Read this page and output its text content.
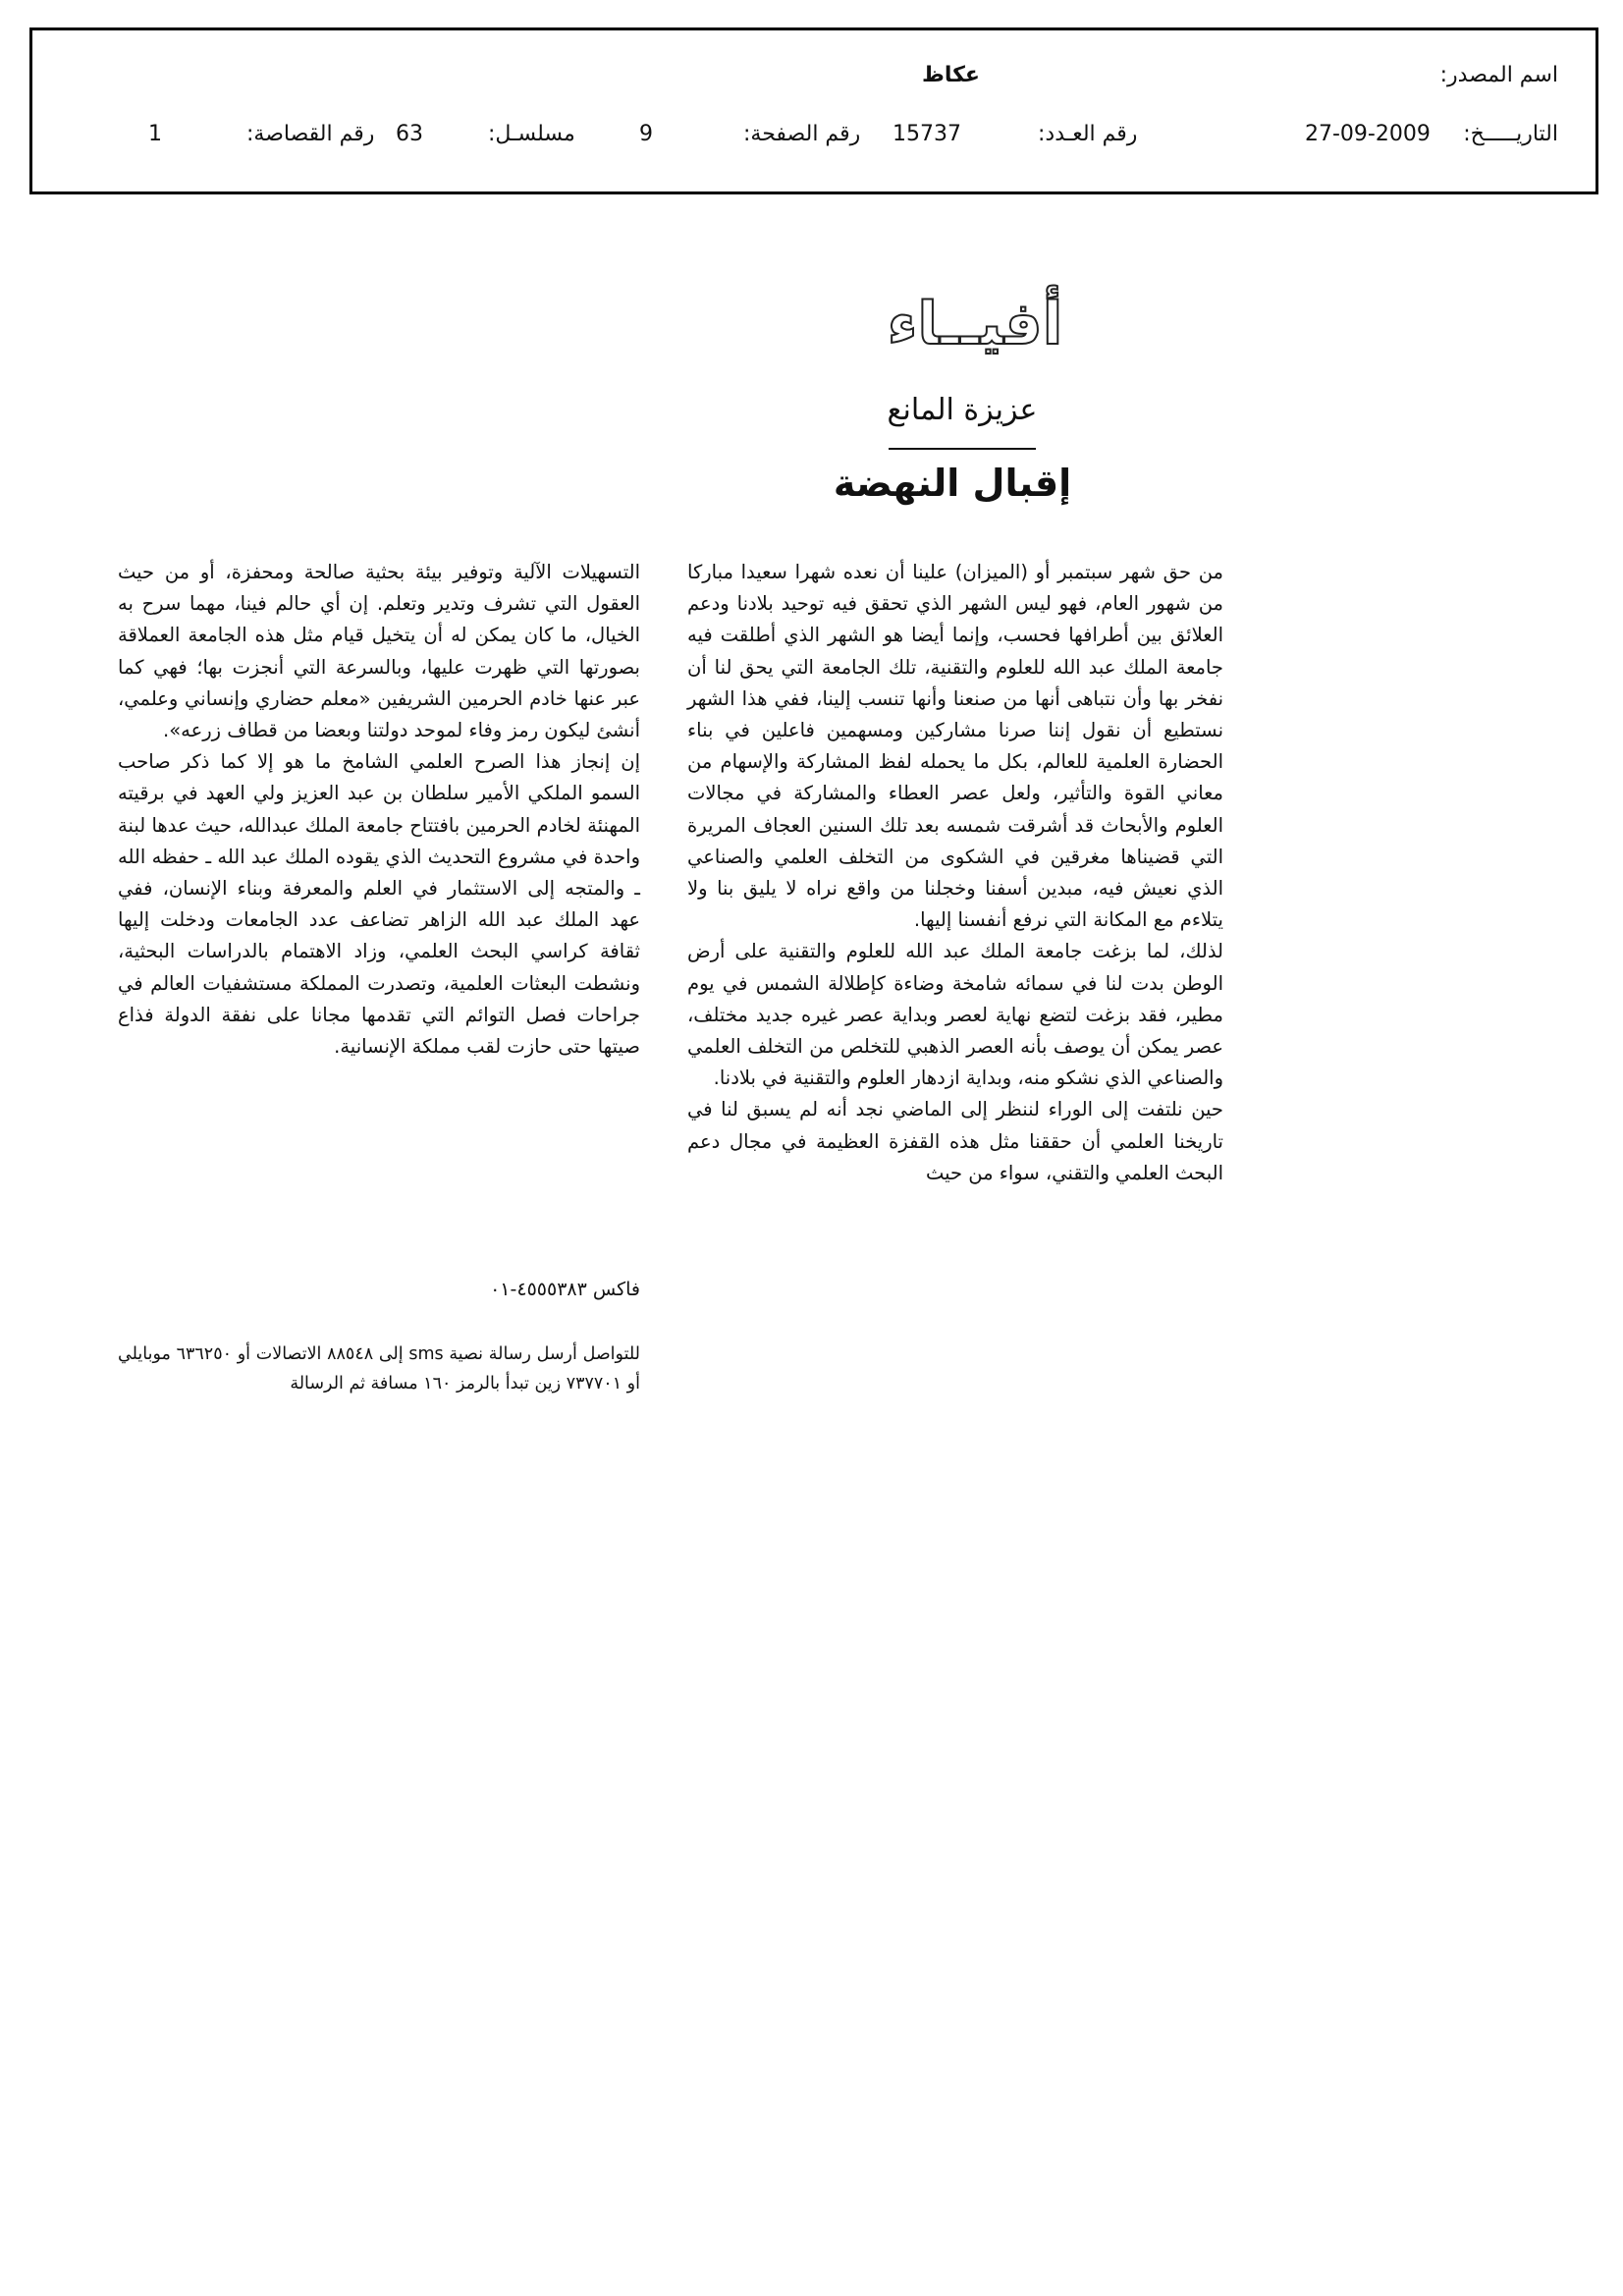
اسم المصدر:
عكاظ
التاريـــــخ:
27-09-2009
رقم العـدد:
15737
رقم الصفحة:
9
مسلسـل:
63
رقم القصاصة:
1
أفيــاء
عزيزة المانع
إقبال النهضة

من حق شهر سبتمبر أو (الميزان) علينا أن نعده شهرا سعيدا مباركا من شهور العام، فهو ليس الشهر الذي تحقق فيه توحيد بلادنا ودعم العلائق بين أطرافها فحسب، وإنما أيضا هو الشهر الذي أطلقت فيه جامعة الملك عبد الله للعلوم والتقنية، تلك الجامعة التي يحق لنا أن نفخر بها وأن نتباهى أنها من صنعنا وأنها تنسب إلينا، ففي هذا الشهر نستطيع أن نقول إننا صرنا مشاركين ومسهمين فاعلين في بناء الحضارة العلمية للعالم، بكل ما يحمله لفظ المشاركة والإسهام من معاني القوة والتأثير، ولعل عصر العطاء والمشاركة في مجالات العلوم والأبحاث قد أشرقت شمسه بعد تلك السنين العجاف المريرة التي قضيناها مغرقين في الشكوى من التخلف العلمي والصناعي الذي نعيش فيه، مبدين أسفنا وخجلنا من واقع نراه لا يليق بنا ولا يتلاءم مع المكانة التي نرفع أنفسنا إليها.

لذلك، لما بزغت جامعة الملك عبد الله للعلوم والتقنية على أرض الوطن بدت لنا في سمائه شامخة وضاءة كإطلالة الشمس في يوم مطير، فقد بزغت لتضع نهاية لعصر وبداية عصر غيره جديد مختلف، عصر يمكن أن يوصف بأنه العصر الذهبي للتخلص من التخلف العلمي والصناعي الذي نشكو منه، وبداية ازدهار العلوم والتقنية في بلادنا.

حين نلتفت إلى الوراء لننظر إلى الماضي نجد أنه لم يسبق لنا في تاريخنا العلمي أن حققنا مثل هذه القفزة العظيمة في مجال دعم البحث العلمي والتقني، سواء من حيث

التسهيلات الآلية وتوفير بيئة بحثية صالحة ومحفزة، أو من حيث العقول التي تشرف وتدير وتعلم. إن أي حالم فينا، مهما سرح به الخيال، ما كان يمكن له أن يتخيل قيام مثل هذه الجامعة العملاقة بصورتها التي ظهرت عليها، وبالسرعة التي أنجزت بها؛ فهي كما عبر عنها خادم الحرمين الشريفين «معلم حضاري وإنساني وعلمي، أنشئ ليكون رمز وفاء لموحد دولتنا وبعضا من قطاف زرعه».

إن إنجاز هذا الصرح العلمي الشامخ ما هو إلا كما ذكر صاحب السمو الملكي الأمير سلطان بن عبد العزيز ولي العهد في برقيته المهنئة لخادم الحرمين بافتتاح جامعة الملك عبدالله، حيث عدها لبنة واحدة في مشروع التحديث الذي يقوده الملك عبد الله ـ حفظه الله ـ والمتجه إلى الاستثمار في العلم والمعرفة وبناء الإنسان، ففي عهد الملك عبد الله الزاهر تضاعف عدد الجامعات ودخلت إليها ثقافة كراسي البحث العلمي، وزاد الاهتمام بالدراسات البحثية، ونشطت البعثات العلمية، وتصدرت المملكة مستشفيات العالم في جراحات فصل التوائم التي تقدمها مجانا على نفقة الدولة فذاع صيتها حتى حازت لقب مملكة الإنسانية.

فاكس ٤٥٥٥٣٨٣-٠١
للتواصل أرسل رسالة نصية sms إلى ٨٨٥٤٨ الاتصالات أو ٦٣٦٢٥٠ موبايلي أو ٧٣٧٧٠١ زين تبدأ بالرمز ١٦٠ مسافة ثم الرسالة
